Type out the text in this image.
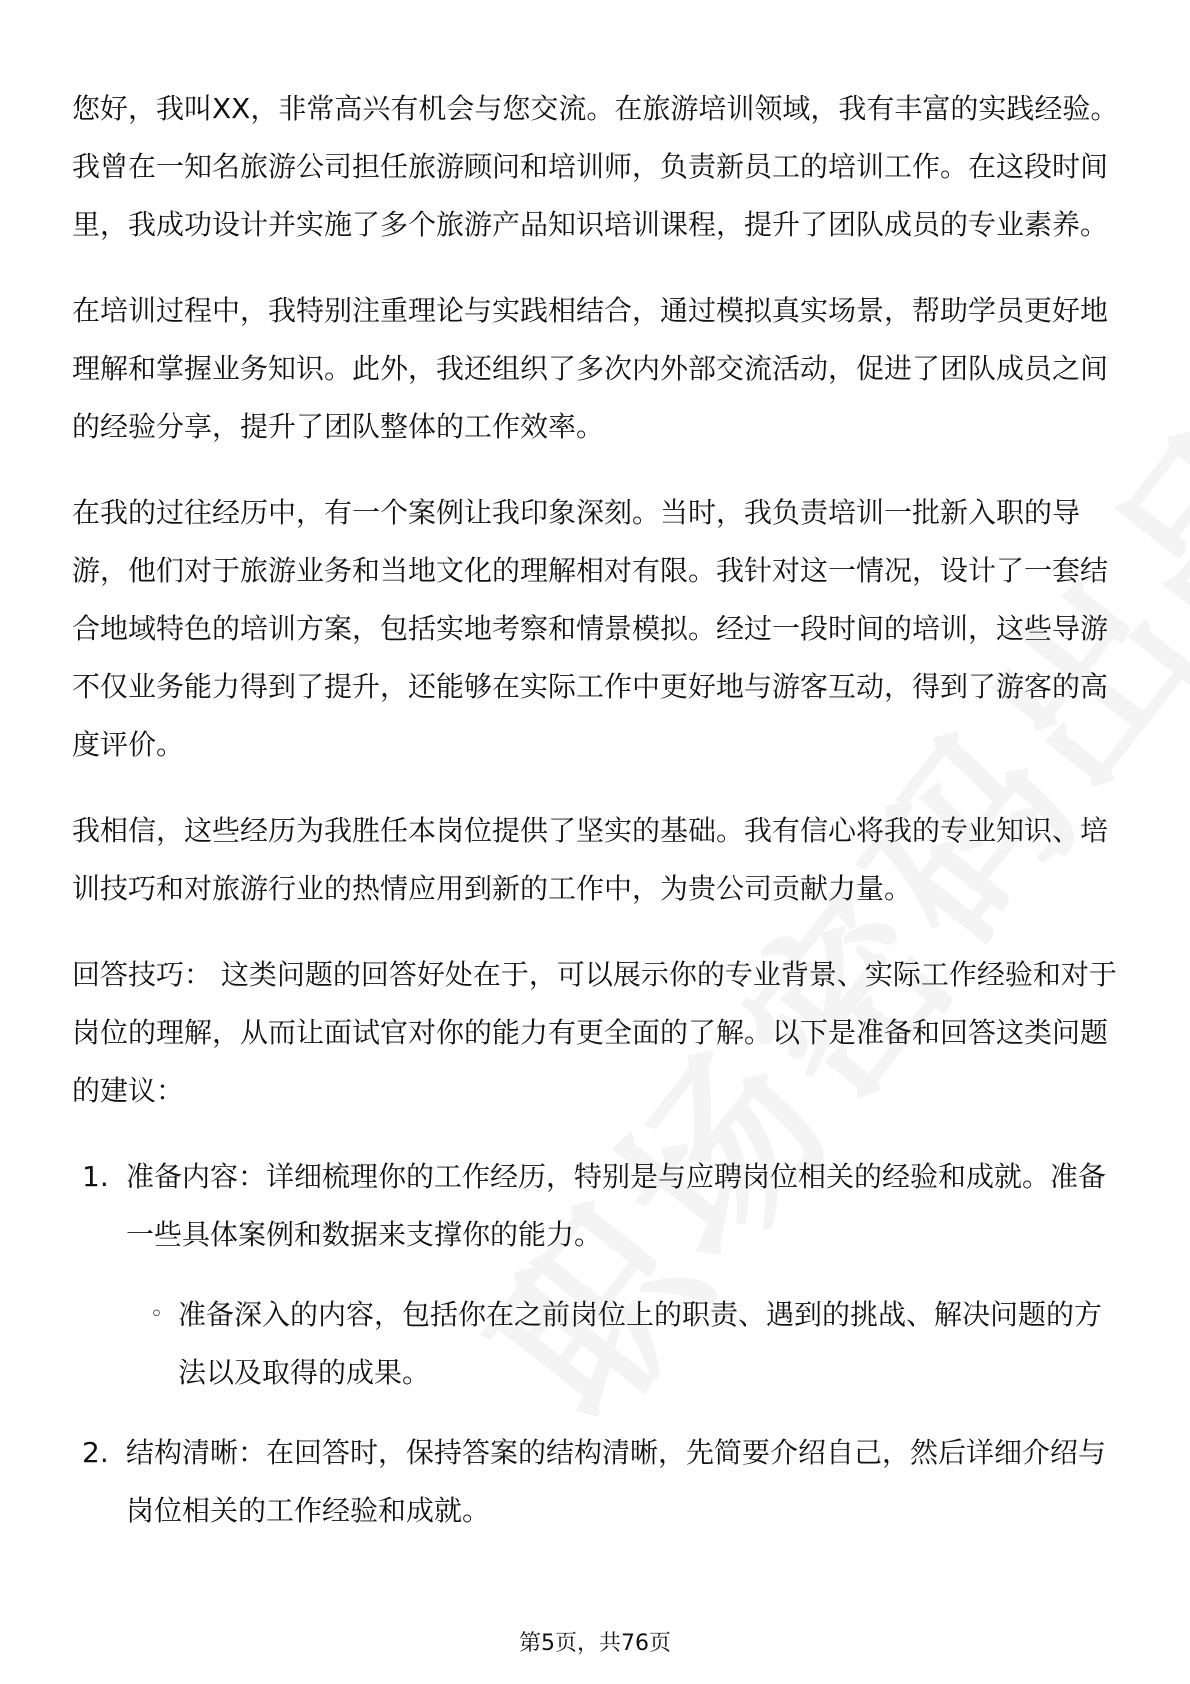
您好，我叫XX，非常高兴有机会与您交流。在旅游培训领域，我有丰富的实践经验。我曾在一知名旅游公司担任旅游顾问和培训师，负责新员工的培训工作。在这段时间里，我成功设计并实施了多个旅游产品知识培训课程，提升了团队成员的专业素养。

在培训过程中，我特别注重理论与实践相结合，通过模拟真实场景，帮助学员更好地理解和掌握业务知识。此外，我还组织了多次内外部交流活动，促进了团队成员之间的经验分享，提升了团队整体的工作效率。

在我的过往经历中，有一个案例让我印象深刻。当时，我负责培训一批新入职的导游，他们对于旅游业务和当地文化的理解相对有限。我针对这一情况，设计了一套结合地域特色的培训方案，包括实地考察和情景模拟。经过一段时间的培训，这些导游不仅业务能力得到了提升，还能够在实际工作中更好地与游客互动，得到了游客的高度评价。

我相信，这些经历为我胜任本岗位提供了坚实的基础。我有信心将我的专业知识、培训技巧和对旅游行业的热情应用到新的工作中，为贵公司贡献力量。

回答技巧： 这类问题的回答好处在于，可以展示你的专业背景、实际工作经验和对于岗位的理解，从而让面试官对你的能力有更全面的了解。以下是准备和回答这类问题的建议：

1. 准备内容：详细梳理你的工作经历，特别是与应聘岗位相关的经验和成就。准备一些具体案例和数据来支撑你的能力。

◦ 准备深入的内容，包括你在之前岗位上的职责、遇到的挑战、解决问题的方法以及取得的成果。

2. 结构清晰：在回答时，保持答案的结构清晰，先简要介绍自己，然后详细介绍与岗位相关的工作经验和成就。

第5页，共76页
